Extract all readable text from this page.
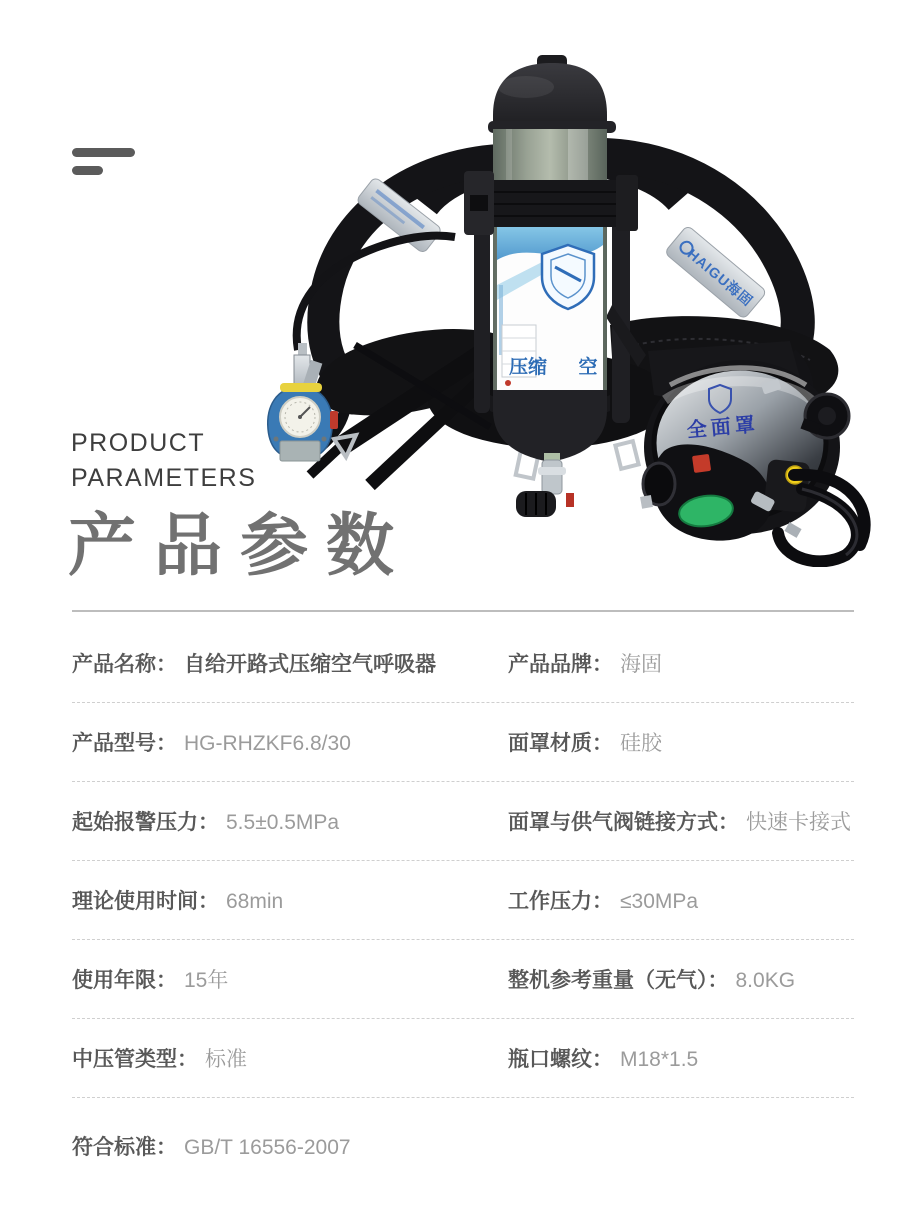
HAIGU海固
全面罩
压缩 空
PRODUCT
PARAMETERS
产品参数
产品名称： 自给开路式压缩空气呼吸器	产品品牌： 海固
产品型号： HG-RHZKF6.8/30	面罩材质： 硅胶
起始报警压力： 5.5±0.5MPa	面罩与供气阀链接方式： 快速卡接式
理论使用时间： 68min	工作压力： ≤30MPa
使用年限： 15年	整机参考重量（无气）： 8.0KG
中压管类型： 标准	瓶口螺纹： M18*1.5
符合标准： GB/T 16556-2007
